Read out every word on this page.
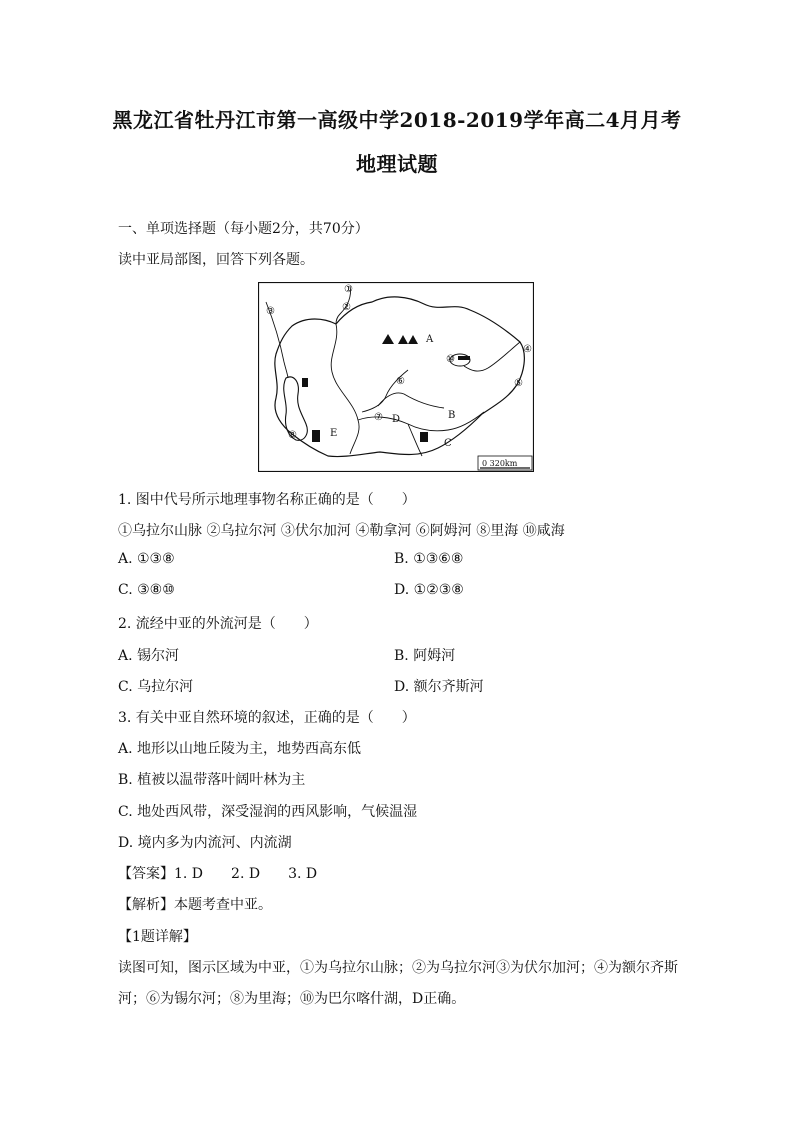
黑龙江省牡丹江市第一高级中学2018-2019学年高二4月月考
地理试题
一、单项选择题（每小题2分，共70分）
读中亚局部图，回答下列各题。
①
②
③
④
⑤
⑥
⑦
⑧
⑩
A
B
C
D
E
0 320km
1. 图中代号所示地理事物名称正确的是（　　）
①乌拉尔山脉 ②乌拉尔河 ③伏尔加河 ④勒拿河 ⑥阿姆河 ⑧里海 ⑩咸海
A. ①③⑧	B. ①③⑥⑧
C. ③⑧⑩	D. ①②③⑧
2. 流经中亚的外流河是（　　）
A. 锡尔河	B. 阿姆河
C. 乌拉尔河	D. 额尔齐斯河
3. 有关中亚自然环境的叙述，正确的是（　　）
A. 地形以山地丘陵为主，地势西高东低
B. 植被以温带落叶阔叶林为主
C. 地处西风带，深受湿润的西风影响，气候温湿
D. 境内多为内流河、内流湖
【答案】1. D　　2. D　　3. D
【解析】本题考查中亚。
【1题详解】
读图可知，图示区域为中亚，①为乌拉尔山脉；②为乌拉尔河③为伏尔加河；④为额尔齐斯
河；⑥为锡尔河；⑧为里海；⑩为巴尔喀什湖，D正确。
